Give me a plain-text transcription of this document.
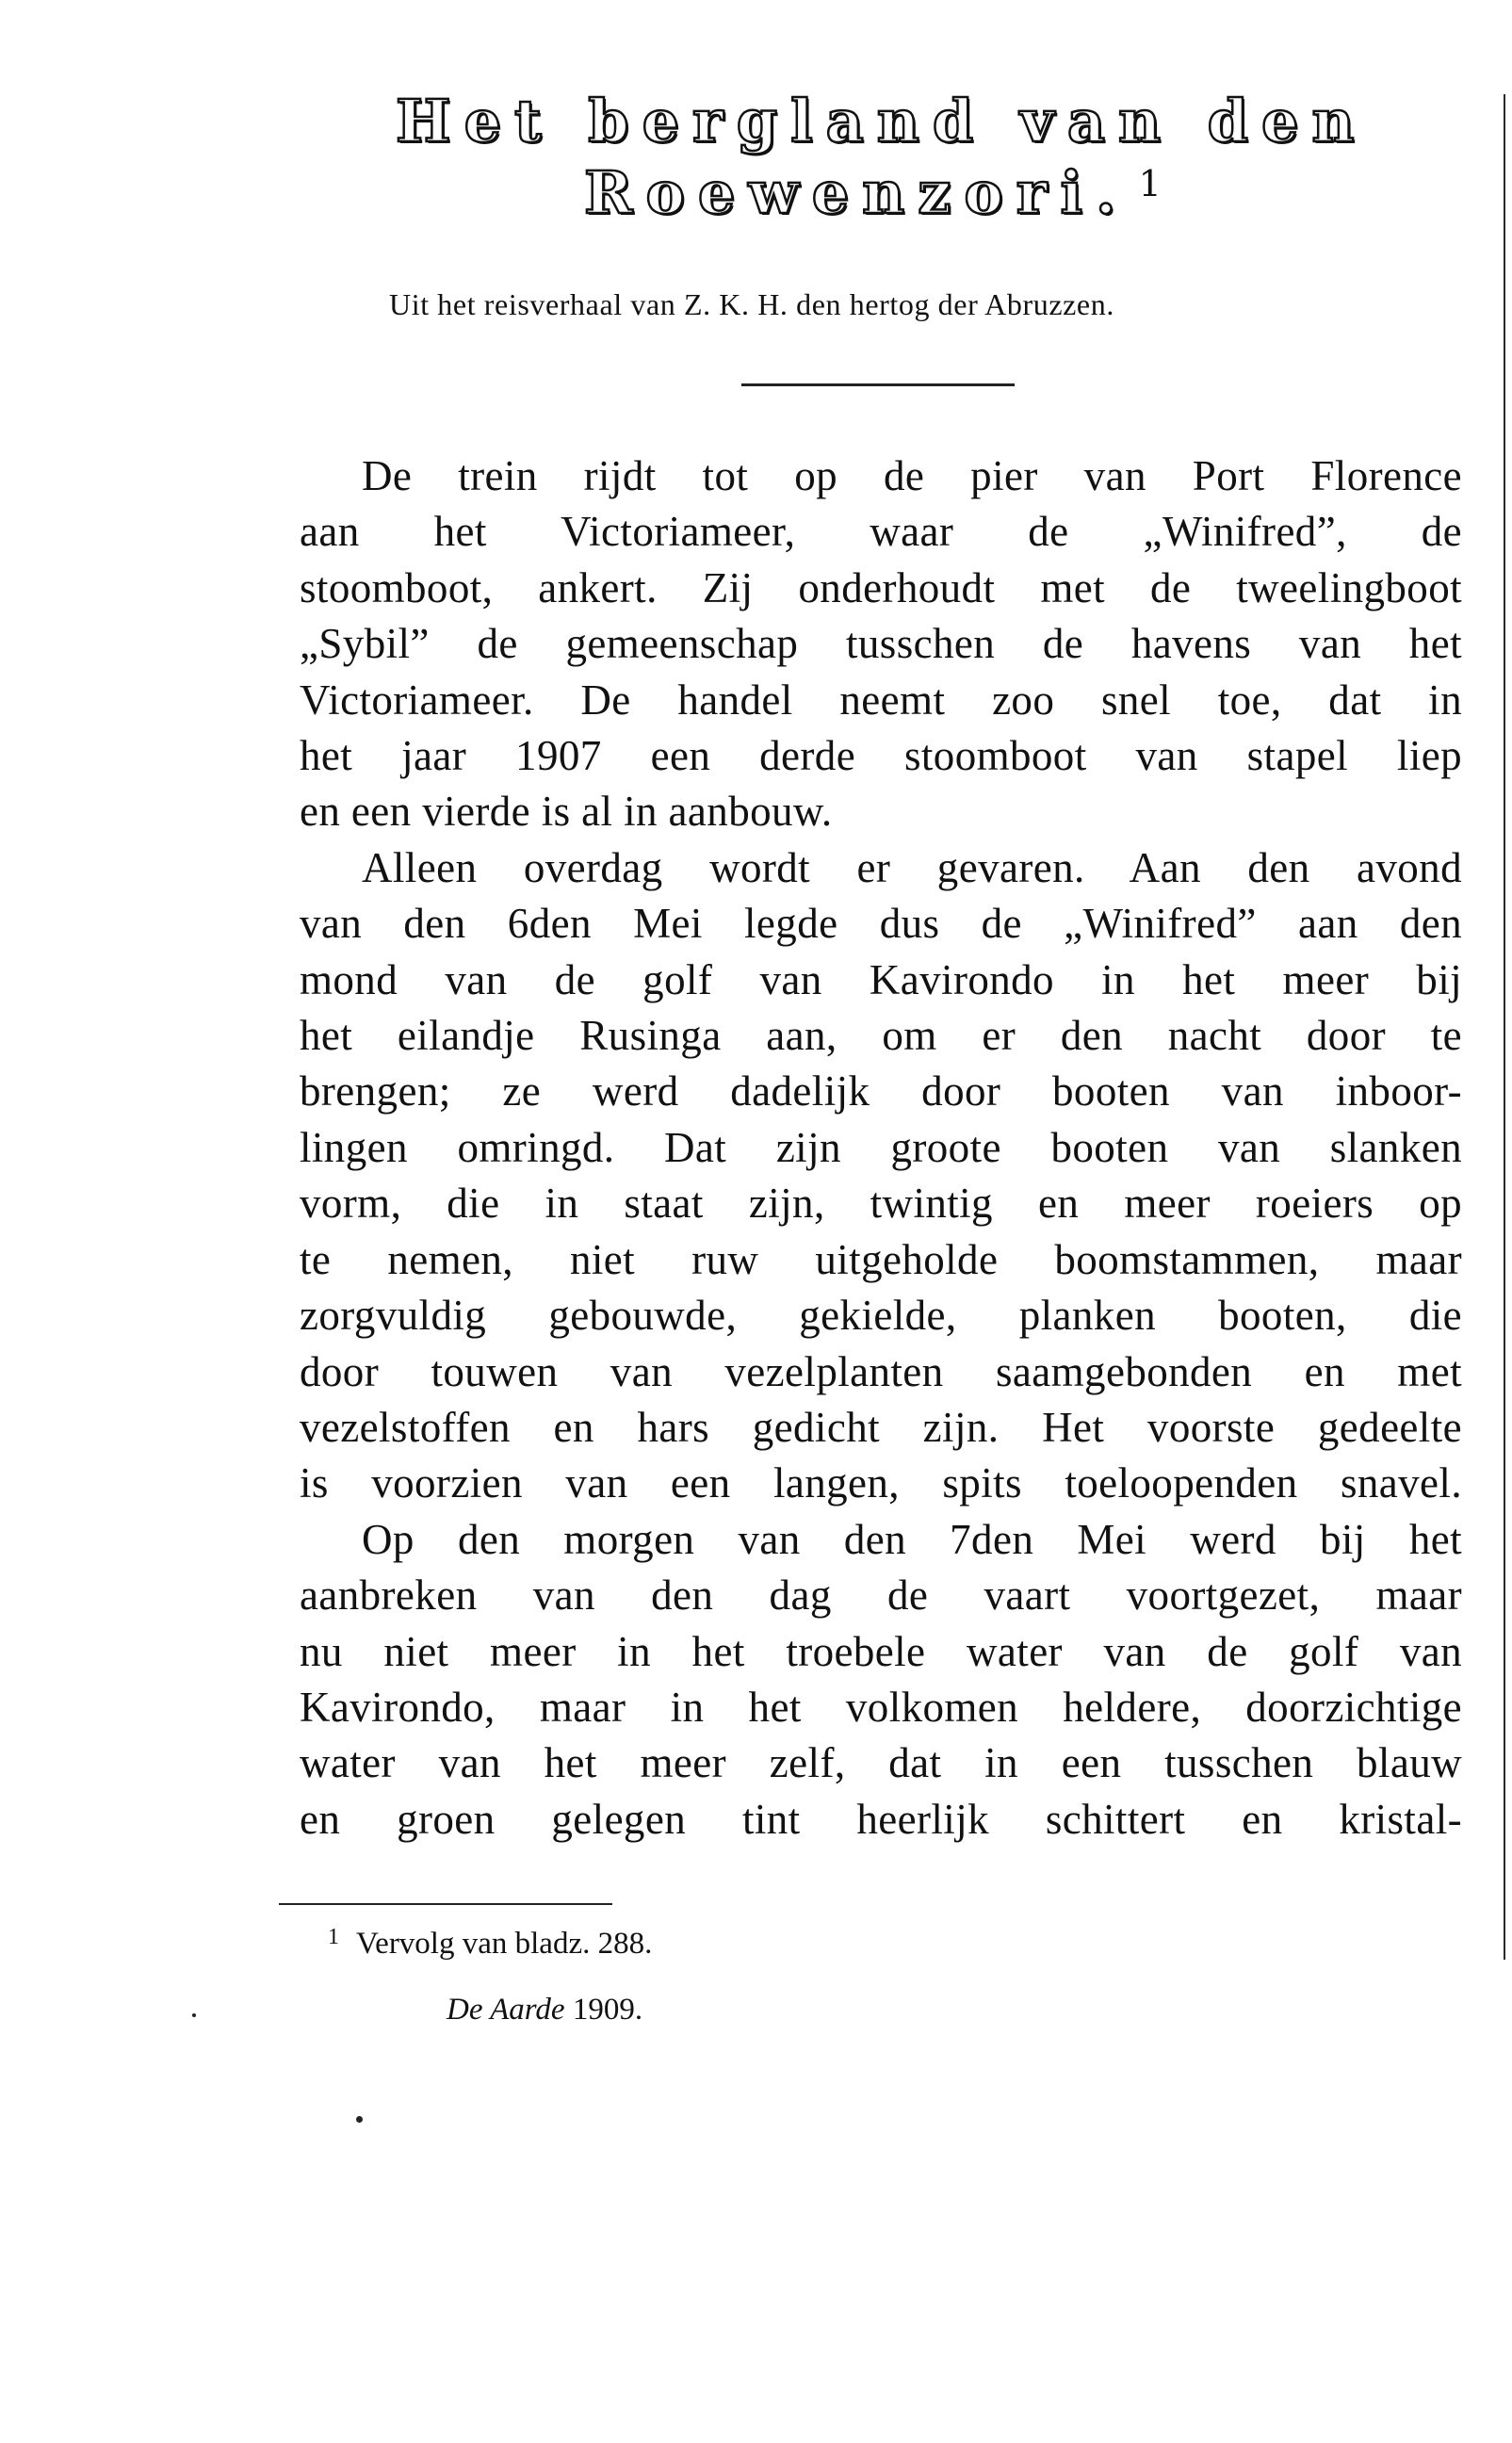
Het bergland van den
Roewenzori. $^1$
Uit het reisverhaal van Z. K. H. den hertog der Abruzzen.
De trein rijdt tot op de pier van Port Florence
aan het Victoriameer, waar de „Winifred”, de
stoomboot, ankert. Zij onderhoudt met de tweelingboot
„Sybil” de gemeenschap tusschen de havens van het
Victoriameer. De handel neemt zoo snel toe, dat in
het jaar 1907 een derde stoomboot van stapel liep
en een vierde is al in aanbouw.
Alleen overdag wordt er gevaren. Aan den avond
van den 6den Mei legde dus de „Winifred” aan den
mond van de golf van Kavirondo in het meer bij
het eilandje Rusinga aan, om er den nacht door te
brengen; ze werd dadelijk door booten van inboor-
lingen omringd. Dat zijn groote booten van slanken
vorm, die in staat zijn, twintig en meer roeiers op
te nemen, niet ruw uitgeholde boomstammen, maar
zorgvuldig gebouwde, gekielde, planken booten, die
door touwen van vezelplanten saamgebonden en met
vezelstoffen en hars gedicht zijn. Het voorste gedeelte
is voorzien van een langen, spits toeloopenden snavel.
Op den morgen van den 7den Mei werd bij het
aanbreken van den dag de vaart voortgezet, maar
nu niet meer in het troebele water van de golf van
Kavirondo, maar in het volkomen heldere, doorzichtige
water van het meer zelf, dat in een tusschen blauw
en groen gelegen tint heerlijk schittert en kristal-
$^1$ Vervolg van bladz. 288.
De Aarde 1909.
